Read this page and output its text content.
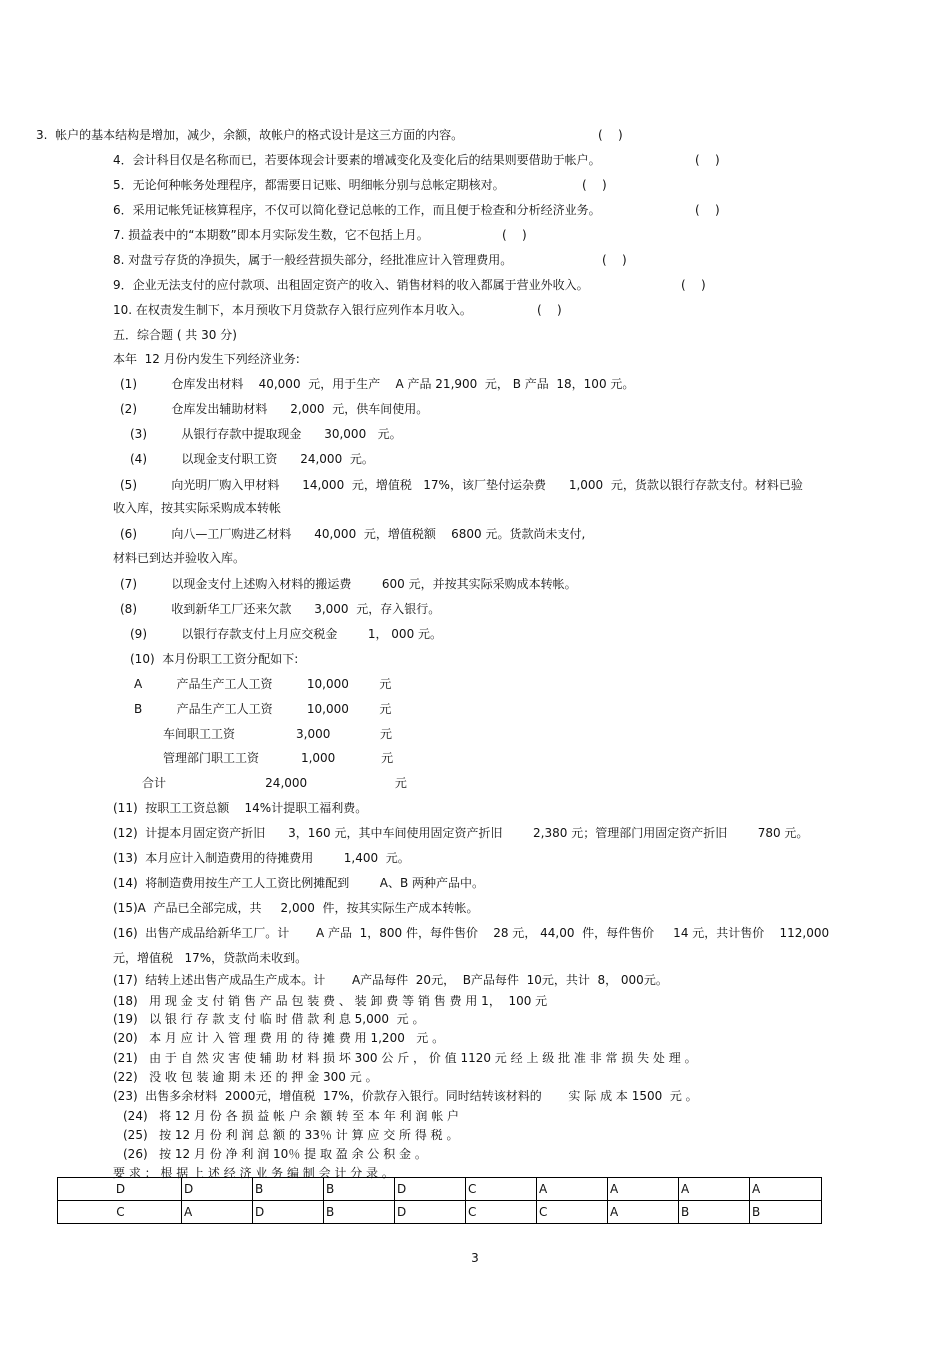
3.  帐户的基本结构是增加，减少，余额，故帐户的格式设计是这三方面的内容。	(    )
4．会计科目仅是名称而已，若要体现会计要素的增减变化及变化后的结果则要借助于帐户。	(    )
5．无论何种帐务处理程序，都需要日记账、明细帐分别与总帐定期核对。	(    )
6．采用记帐凭证核算程序，不仅可以简化登记总帐的工作，而且便于检查和分析经济业务。	(    )
7. 损益表中的“本期数”即本月实际发生数，它不包括上月。	(    )
8. 对盘亏存货的净损失，属于一般经营损失部分，经批准应计入管理费用。	(    )
9．企业无法支付的应付款项、出租固定资产的收入、销售材料的收入都属于营业外收入。	(    )
10. 在权责发生制下，本月预收下月贷款存入银行应列作本月收入。	(    )
五．综合题 ( 共 30 分)
本年  12 月份内发生下列经济业务:
(1)         仓库发出材料    40,000  元，用于生产    A 产品 21,900  元， B 产品  18，100 元。
(2)         仓库发出辅助材料      2,000  元，供车间使用。
(3)         从银行存款中提取现金      30,000   元。
(4)         以现金支付职工资      24,000  元。
(5)         向光明厂购入甲材料      14,000  元，增值税   17%，该厂垫付运杂费      1,000  元，货款以银行存款支付。材料已验
收入库，按其实际采购成本转帐
(6)         向八—工厂购进乙材料      40,000  元，增值税额    6800 元。货款尚未支付,
材料已到达并验收入库。
(7)         以现金支付上述购入材料的搬运费        600 元，并按其实际采购成本转帐。
(8)         收到新华工厂还来欠款      3,000  元，存入银行。
(9)         以银行存款支付上月应交税金        1， 000 元。
(10)  本月份职工工资分配如下:
A         产品生产工人工资         10,000        元
B         产品生产工人工资         10,000        元
车间职工工资                3,000             元
管理部门职工工资           1,000            元
合计                          24,000                       元
(11)  按职工工资总额    14%计提职工福利费。
(12)  计提本月固定资产折旧      3，160 元，其中车间使用固定资产折旧        2,380 元；管理部门用固定资产折旧        780 元。
(13)  本月应计入制造费用的待摊费用        1,400  元。
(14)  将制造费用按生产工人工资比例摊配到        A、B 两种产品中。
(15)A  产品已全部完成，共     2,000  件，按其实际生产成本转帐。
(16)  出售产成品给新华工厂。计       A 产品  1，800 件，每件售价    28 元， 44,00  件，每件售价     14 元，共计售价    112,000
元，增值税   17%，贷款尚未收到。
(17)  结转上述出售产成品生产成本。计       A产品每件  20元，  B产品每件  10元，共计  8， 000元。
(18)   用 现 金 支 付 销 售 产 品 包 装 费 、 装 卸 费 等 销 售 费 用 1，  100 元
(19)   以 银 行 存 款 支 付 临 时 借 款 利 息 5,000  元 。
(20)   本 月 应 计 入 管 理 费 用 的 待 摊 费 用 1,200   元 。
(21)   由 于 自 然 灾 害 使 辅 助 材 料 损 坏 300 公 斤 ， 价 值 1120 元 经 上 级 批 准 非 常 损 失 处 理 。
(22)   没 收 包 装 逾 期 未 还 的 押 金 300 元 。
(23)  出售多余材料  2000元，增值税  17%，价款存入银行。同时结转该材料的       实 际 成 本 1500  元 。
(24)   将 12 月 份 各 损 益 帐 户 余 额 转 至 本 年 利 润 帐 户
(25)   按 12 月 份 利 润 总 额 的 33％ 计 算 应 交 所 得 税 。
(26)   按 12 月 份 净 利 润 10％ 提 取 盈 余 公 积 金 。
要 求 ： 根 据 上 述 经 济 业 务 编 制 会 计 分 录 。
D	D	B	B	D	C	A	A	A	A
C	A	D	B	D	C	C	A	B	B
3
